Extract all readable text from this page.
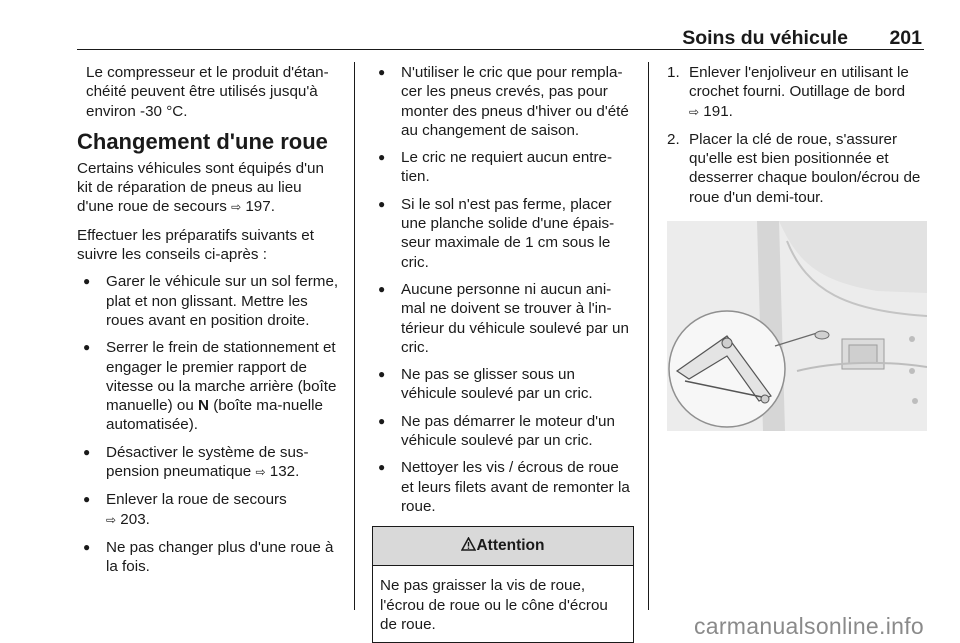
Soins du véhicule 201

Le compresseur et le produit d'étan-chéité peuvent être utilisés jusqu'à environ -30 °C.

Changement d'une roue

Certains véhicules sont équipés d'un kit de réparation de pneus au lieu d'une roue de secours ⇨ 197.

Effectuer les préparatifs suivants et suivre les conseils ci-après :

● Garer le véhicule sur un sol ferme, plat et non glissant. Mettre les roues avant en position droite.
● Serrer le frein de stationnement et engager le premier rapport de vitesse ou la marche arrière (boîte manuelle) ou N (boîte ma-nuelle automatisée).
● Désactiver le système de sus-pension pneumatique ⇨ 132.
● Enlever la roue de secours
⇨ 203.
● Ne pas changer plus d'une roue à la fois.
● N'utiliser le cric que pour rempla-cer les pneus crevés, pas pour monter des pneus d'hiver ou d'été au changement de saison.
● Le cric ne requiert aucun entre-tien.
● Si le sol n'est pas ferme, placer une planche solide d'une épais-seur maximale de 1 cm sous le cric.
● Aucune personne ni aucun ani-mal ne doivent se trouver à l'in-térieur du véhicule soulevé par un cric.
● Ne pas se glisser sous un véhicule soulevé par un cric.
● Ne pas démarrer le moteur d'un véhicule soulevé par un cric.
● Nettoyer les vis / écrous de roue et leurs filets avant de remonter la roue.
Attention
Ne pas graisser la vis de roue, l'écrou de roue ou le cône d'écrou de roue.
1. Enlever l'enjoliveur en utilisant le crochet fourni. Outillage de bord
⇨ 191.
2. Placer la clé de roue, s'assurer qu'elle est bien positionnée et desserrer chaque boulon/écrou de roue d'un demi-tour.
carmanualsonline.info
